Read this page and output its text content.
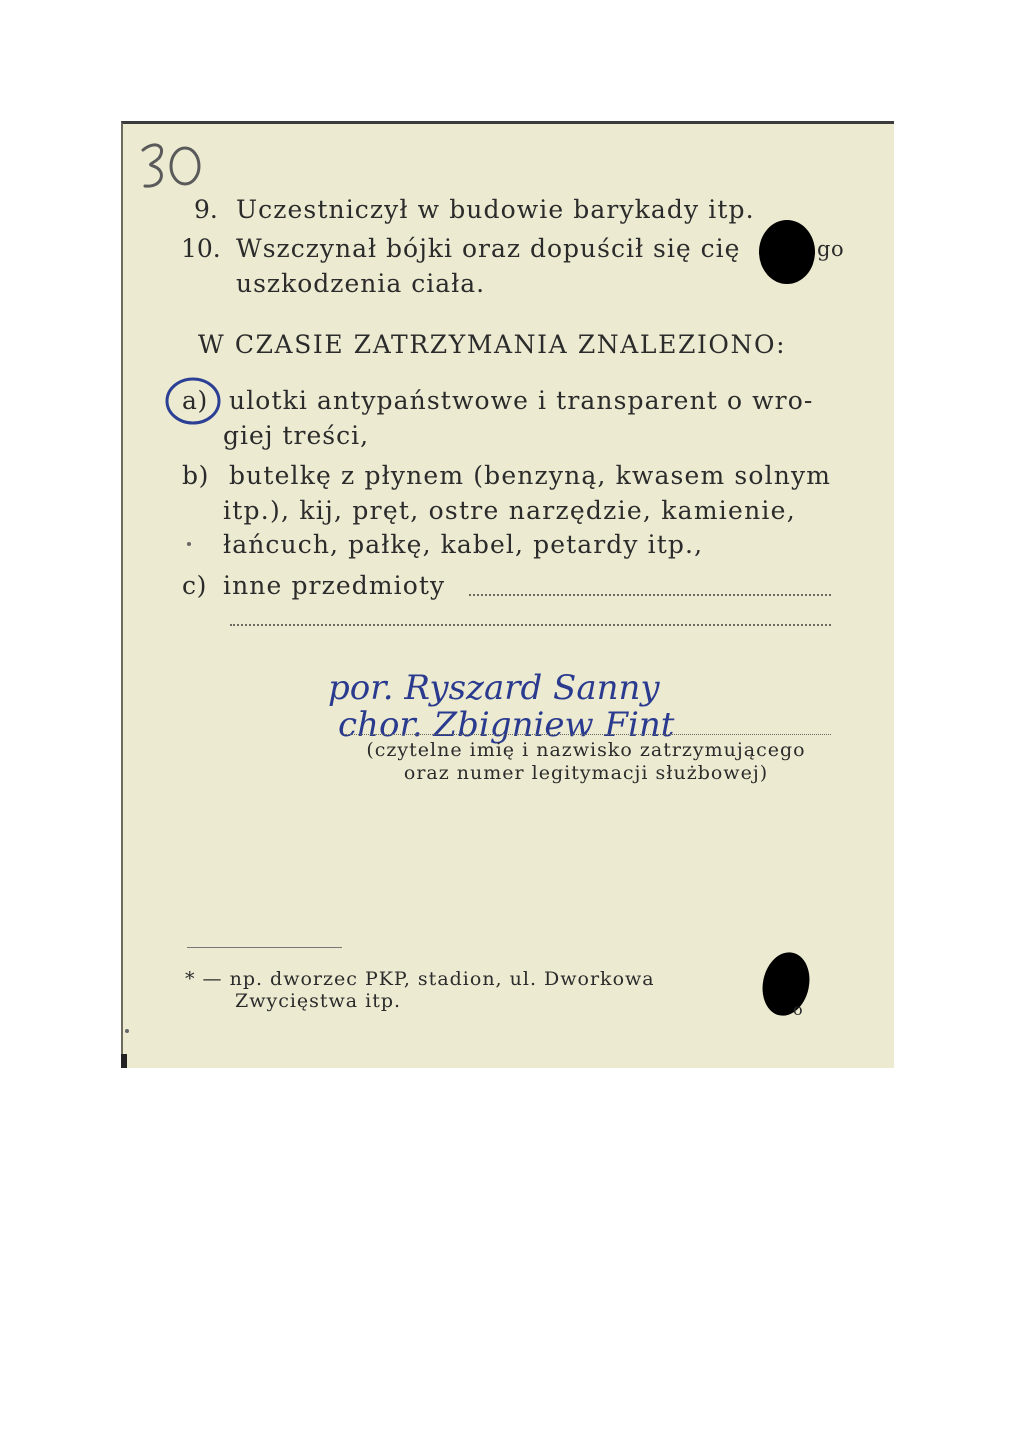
9. Uczestniczył w budowie barykady itp.
10. Wszczynał bójki oraz dopuścił się cię	go
uszkodzenia ciała.
W CZASIE ZATRZYMANIA ZNALEZIONO:
a) ulotki antypaństwowe i transparent o wro-
giej treści,
b) butelkę z płynem (benzyną, kwasem solnym
itp.), kij, pręt, ostre narzędzie, kamienie,
łańcuch, pałkę, kabel, petardy itp.,
c) inne przedmioty
por. Ryszard Sanny
chor. Zbigniew Fint
(czytelne imię i nazwisko zatrzymującego
oraz numer legitymacji służbowej)
* — np. dworzec PKP, stadion, ul. Dworkowa
Zwycięstwa itp.	o
